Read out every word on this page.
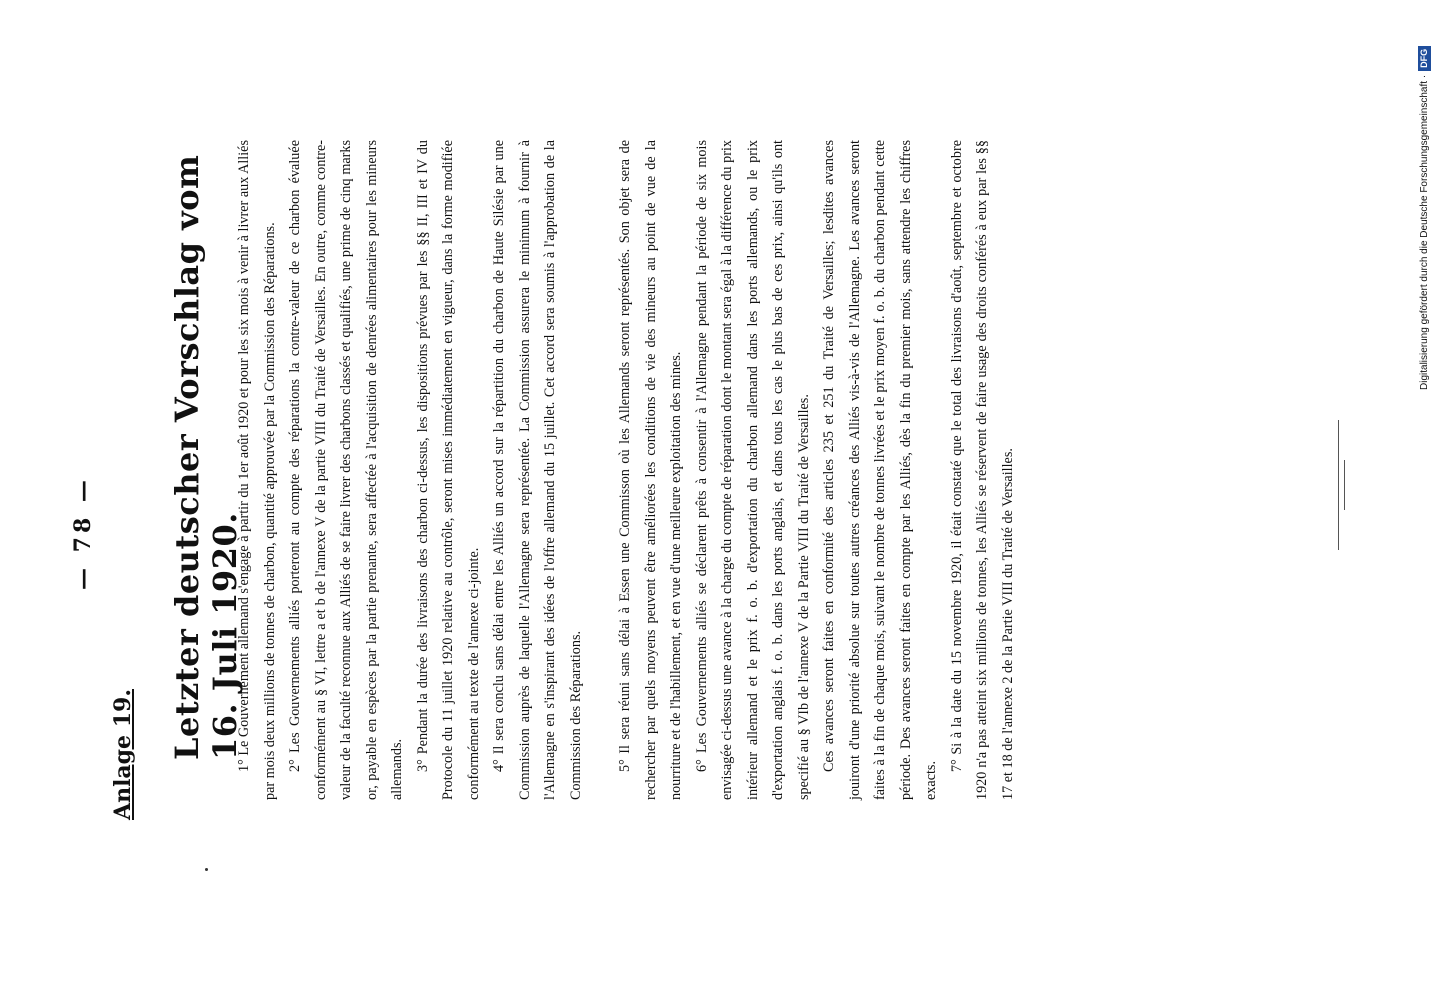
— 78 —
Anlage 19. Letzter deutscher Vorschlag vom 16. Juli 1920.

1° Le Gouvernement allemand s'engage à partir du 1er août 1920 et pour les six mois à venir à livrer aux Alliés par mois deux millions de tonnes de charbon, quantité approuvée par la Commission des Réparations. 2° Les Gouvernements alliés porteront au compte des réparations la contre-valeur de ce charbon évaluée conformément au § VI, lettre a et b de l'annexe V de la partie VIII du Traité de Versailles. En outre, comme contre-valeur de la faculté reconnue aux Alliés de se faire livrer des charbons classés et qualifiés, une prime de cinq marks or, payable en espèces par la partie prenante, sera affectée à l'acquisition de denrées alimentaires pour les mineurs allemands. 3° Pendant la durée des livraisons des charbon ci-dessus, les dispositions prévues par les §§ II, III et IV du Protocole du 11 juillet 1920 relative au contrôle, seront mises immédiatement en vigueur, dans la forme modifiée conformément au texte de l'annexe ci-jointe. 4° Il sera conclu sans délai entre les Alliés un accord sur la répartition du charbon de Haute Silésie par une Commission auprès de laquelle l'Allemagne sera représentée. La Commission assurera le minimum à fournir à l'Allemagne en s'inspirant des idées de l'offre allemand du 15 juillet. Cet accord sera soumis à l'approbation de la Commission des Réparations.	5° Il sera réuni sans délai à Essen une Commisson où les Allemands seront représentés. Son objet sera de rechercher par quels moyens peuvent être améliorées les conditions de vie des mineurs au point de vue de la nourriture et de l'habillement, et en vue d'une meilleure exploitation des mines. 6° Les Gouvernements alliés se déclarent prêts à consentir à l'Allemagne pendant la période de six mois envisagée ci-dessus une avance à la charge du compte de réparation dont le montant sera égal à la différence du prix intérieur allemand et le prix f. o. b. d'exportation du charbon allemand dans les ports allemands, ou le prix d'exportation anglais f. o. b. dans les ports anglais, et dans tous les cas le plus bas de ces prix, ainsi qu'ils ont specifié au § VIb de l'annexe V de la Partie VIII du Traité de Versailles. Ces avances seront faites en conformité des articles 235 et 251 du Traité de Versailles; lesdites avances jouiront d'une priorité absolue sur toutes autres créances des Alliés vis-à-vis de l'Allemagne. Les avances seront faites à la fin de chaque mois, suivant le nombre de tonnes livrées et le prix moyen f. o. b. du charbon pendant cette période. Des avances seront faites en compte par les Alliés, dès la fin du premier mois, sans attendre les chiffres exacts.

7° Si à la date du 15 novembre 1920, il était constaté que le total des livraisons d'août, septembre et octobre 1920 n'a pas atteint six millions de tonnes, les Alliés se réservent de faire usage des droits conférés à eux par les §§ 17 et 18 de l'annexe 2 de la Partie VIII du Traité de Versailles.

Digitalisierung gefördert durch die Deutsche Forschungsgemeinschaft ·
DFG
